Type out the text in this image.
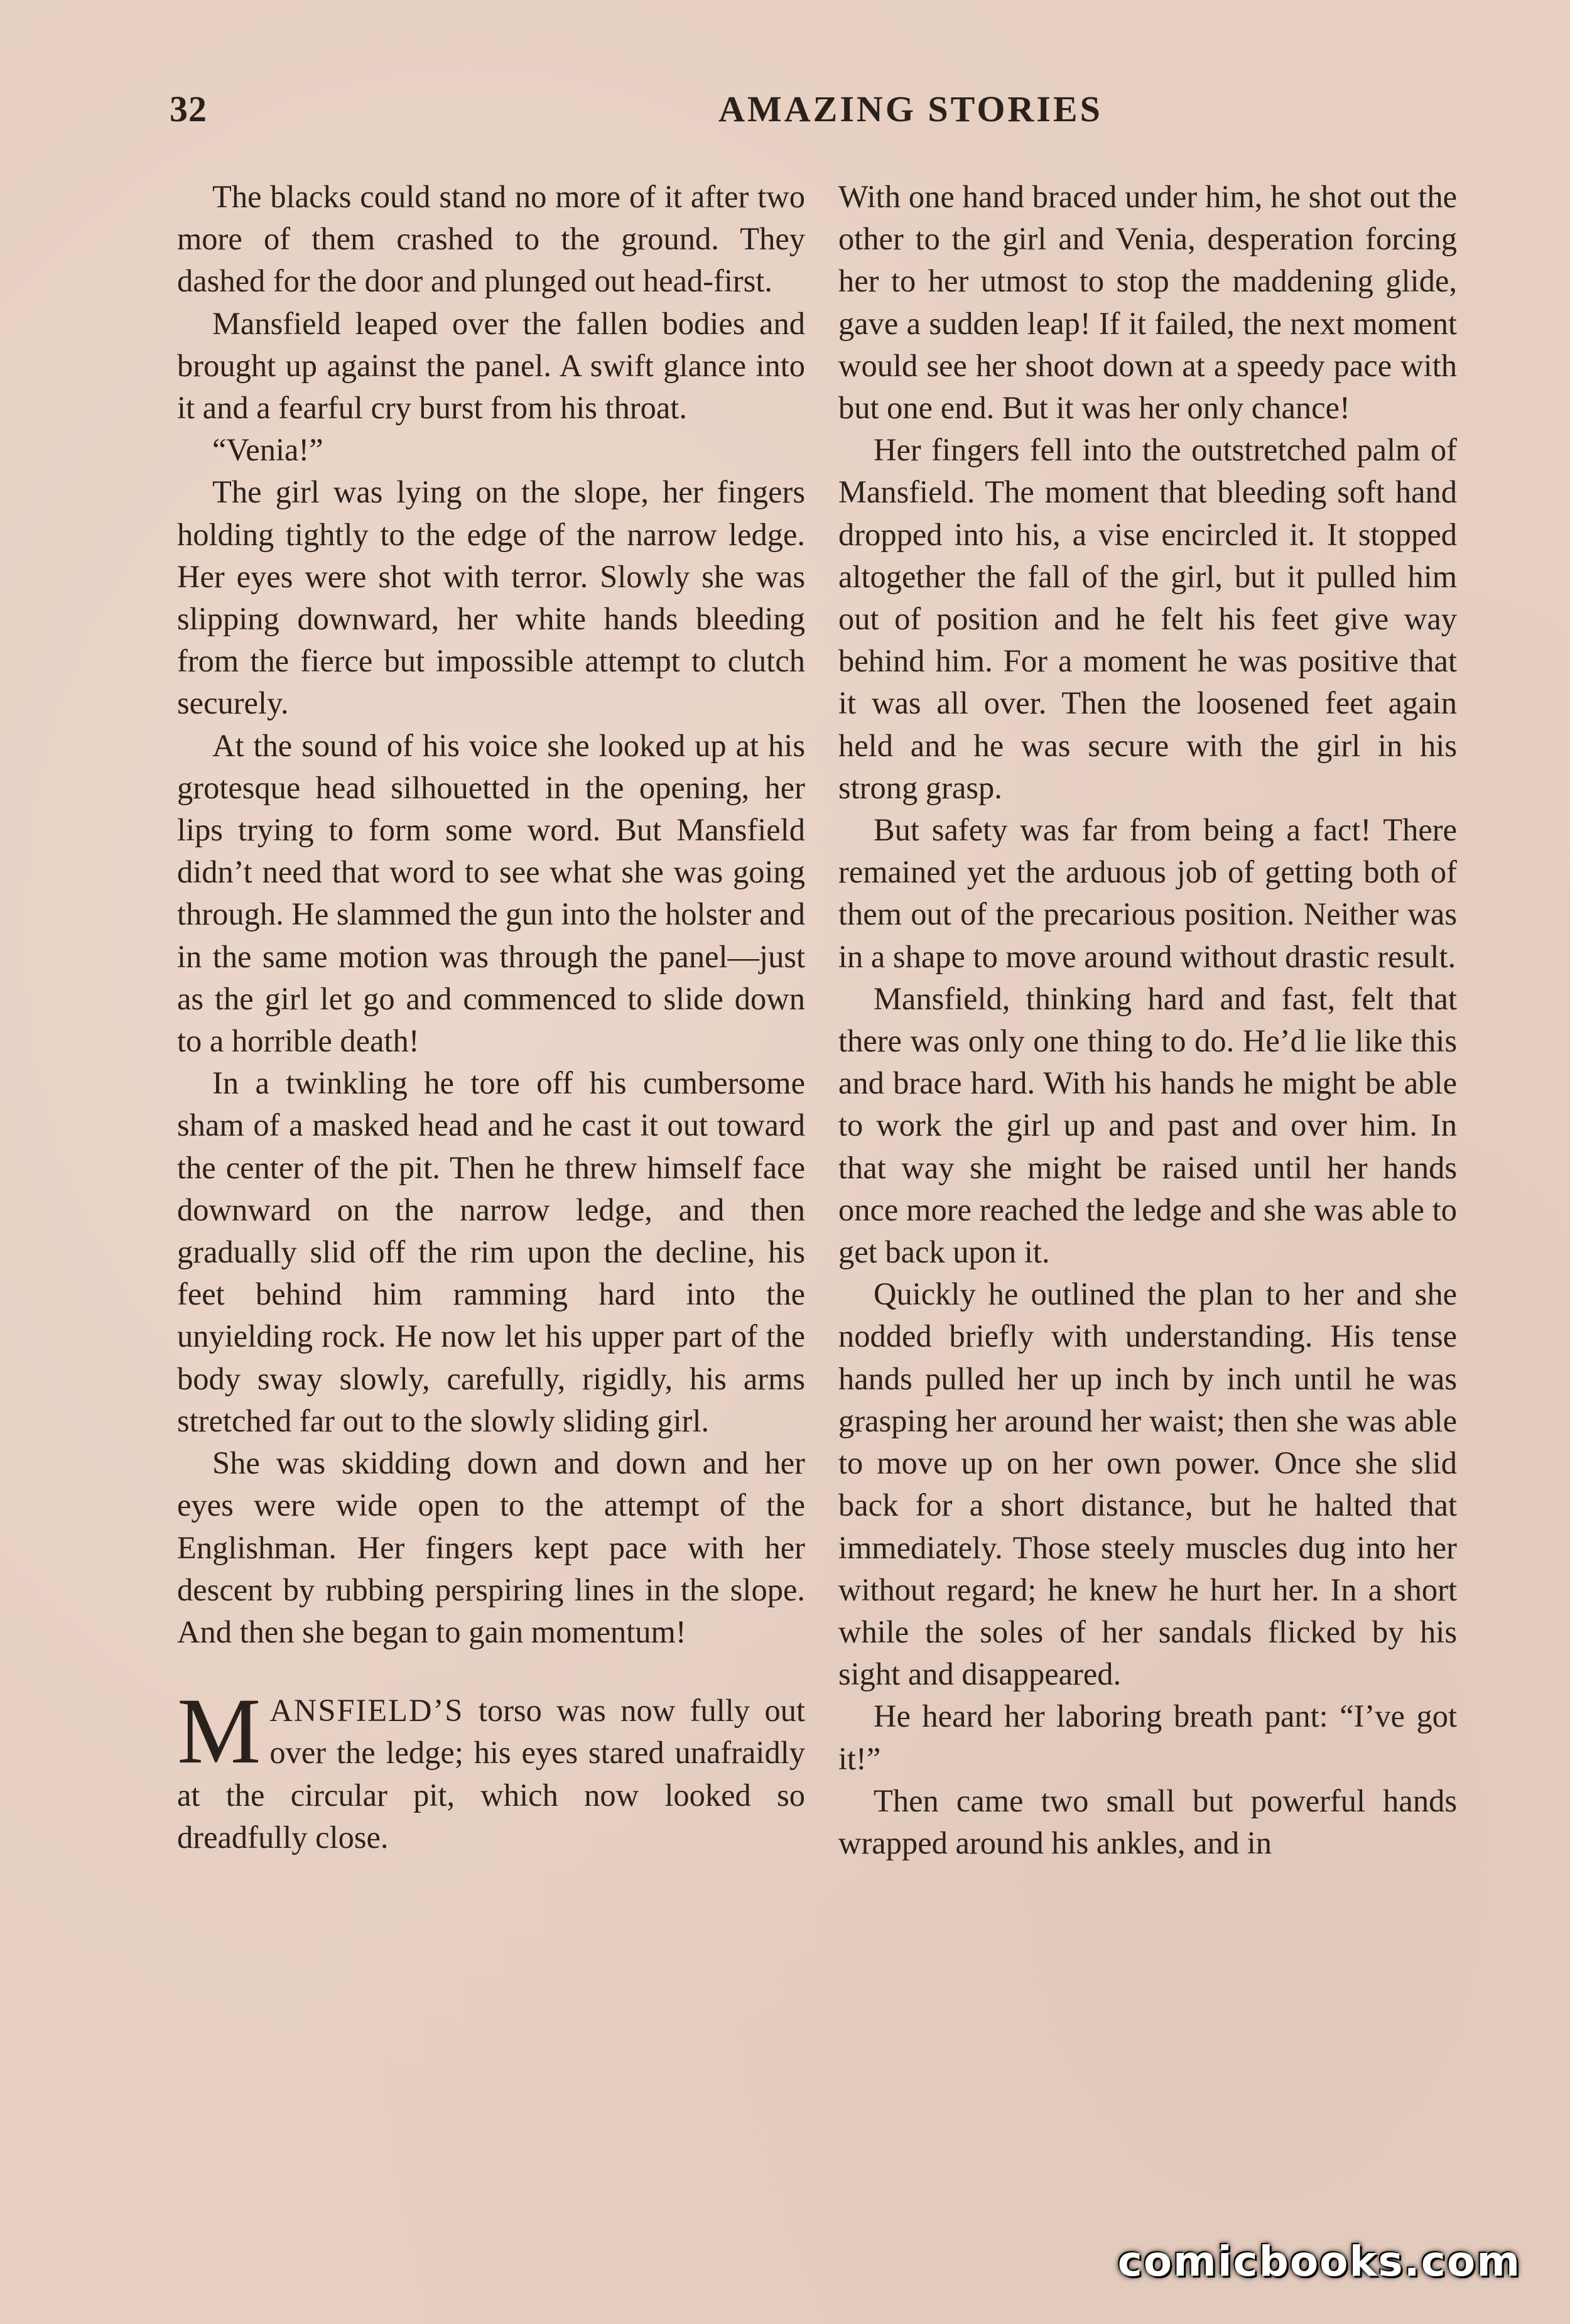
32	AMAZING STORIES

The blacks could stand no more of it after two more of them crashed to the ground. They dashed for the door and plunged out head-first.

Mansfield leaped over the fallen bodies and brought up against the panel. A swift glance into it and a fearful cry burst from his throat.

“Venia!”

The girl was lying on the slope, her fingers holding tightly to the edge of the narrow ledge. Her eyes were shot with terror. Slowly she was slipping downward, her white hands bleeding from the fierce but impossible attempt to clutch securely.

At the sound of his voice she looked up at his grotesque head silhouetted in the opening, her lips trying to form some word. But Mansfield didn’t need that word to see what she was going through. He slammed the gun into the holster and in the same motion was through the panel—just as the girl let go and commenced to slide down to a horrible death!

In a twinkling he tore off his cumbersome sham of a masked head and he cast it out toward the center of the pit. Then he threw himself face downward on the narrow ledge, and then gradually slid off the rim upon the decline, his feet behind him ramming hard into the unyielding rock. He now let his upper part of the body sway slowly, carefully, rigidly, his arms stretched far out to the slowly sliding girl.

She was skidding down and down and her eyes were wide open to the attempt of the Englishman. Her fingers kept pace with her descent by rubbing perspiring lines in the slope. And then she began to gain momentum!

MANSFIELD’S torso was now fully out over the ledge; his eyes stared unafraidly at the circular pit, which now looked so dreadfully close.

With one hand braced under him, he shot out the other to the girl and Venia, desperation forcing her to her utmost to stop the maddening glide, gave a sudden leap! If it failed, the next moment would see her shoot down at a speedy pace with but one end. But it was her only chance!

Her fingers fell into the outstretched palm of Mansfield. The moment that bleeding soft hand dropped into his, a vise encircled it. It stopped altogether the fall of the girl, but it pulled him out of position and he felt his feet give way behind him. For a moment he was positive that it was all over. Then the loosened feet again held and he was secure with the girl in his strong grasp.

But safety was far from being a fact! There remained yet the arduous job of getting both of them out of the precarious position. Neither was in a shape to move around without drastic result.

Mansfield, thinking hard and fast, felt that there was only one thing to do. He’d lie like this and brace hard. With his hands he might be able to work the girl up and past and over him. In that way she might be raised until her hands once more reached the ledge and she was able to get back upon it.

Quickly he outlined the plan to her and she nodded briefly with understanding. His tense hands pulled her up inch by inch until he was grasping her around her waist; then she was able to move up on her own power. Once she slid back for a short distance, but he halted that immediately. Those steely muscles dug into her without regard; he knew he hurt her. In a short while the soles of her sandals flicked by his sight and disappeared.

He heard her laboring breath pant: “I’ve got it!”

Then came two small but powerful hands wrapped around his ankles, and in

comicbooks.com
